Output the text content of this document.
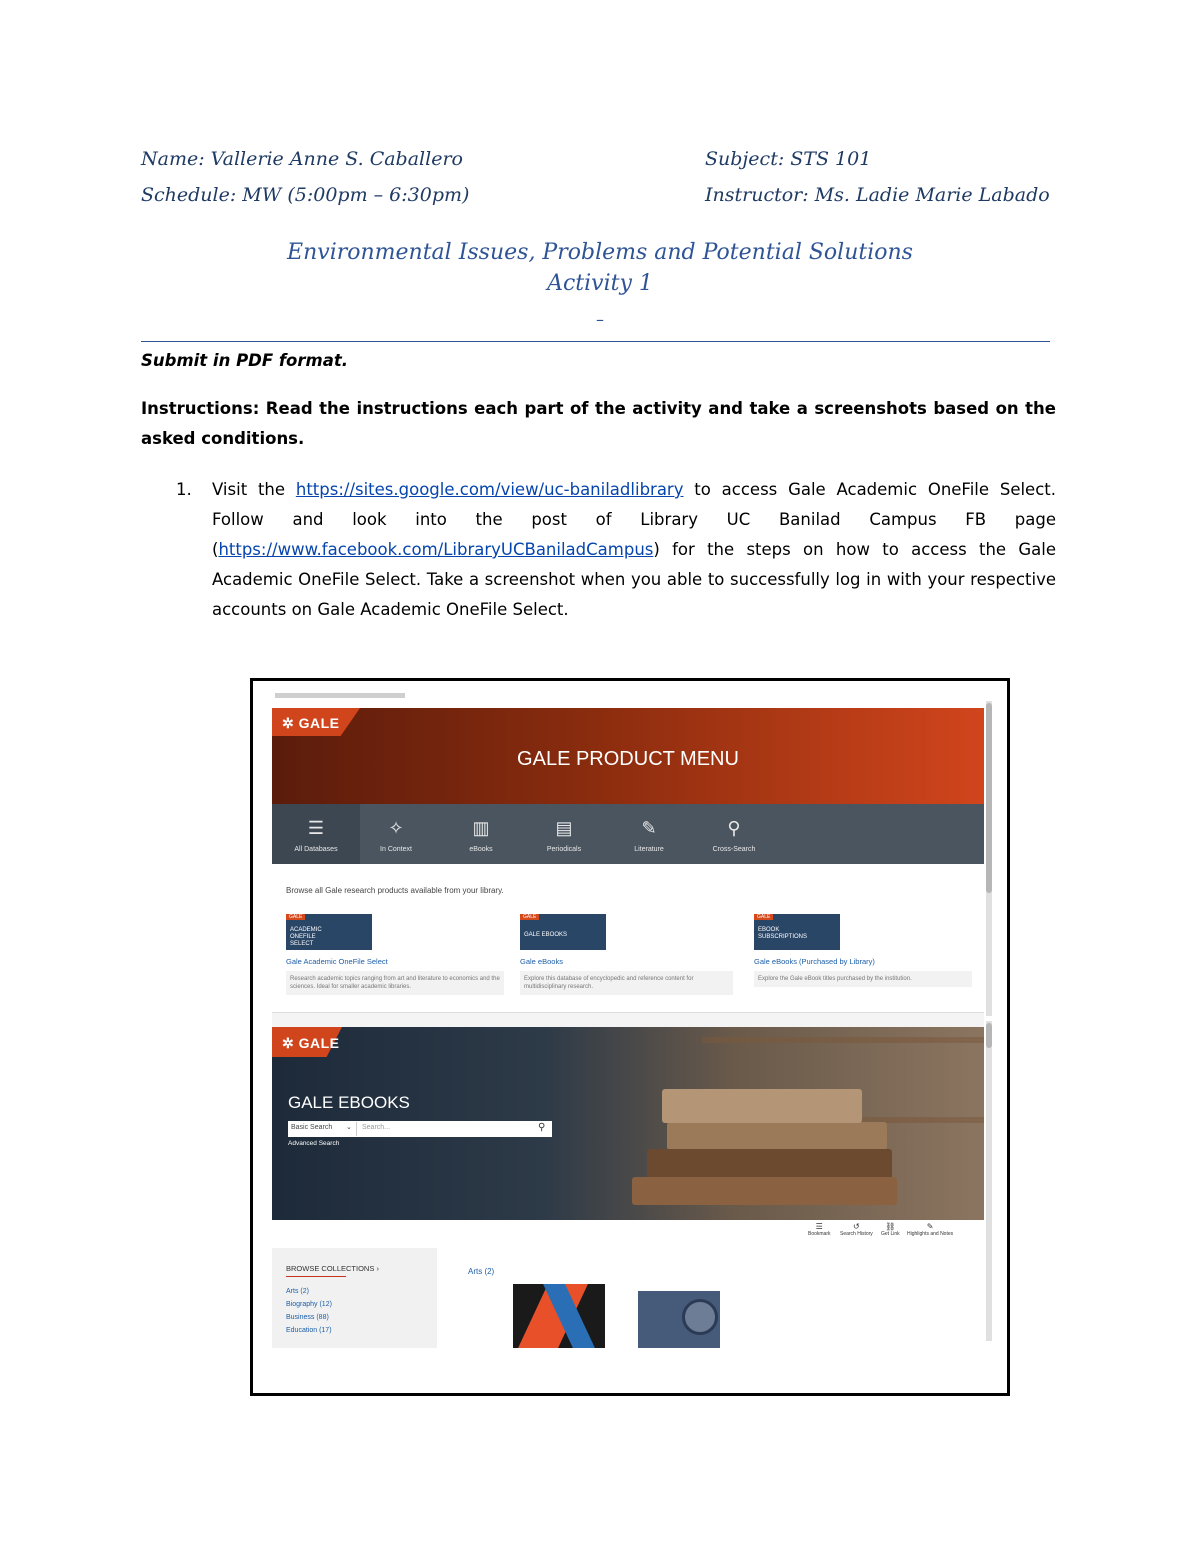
Name: Vallerie Anne S. Caballero	Subject: STS 101
Schedule: MW (5:00pm – 6:30pm)	Instructor: Ms. Ladie Marie Labado
Environmental Issues, Problems and Potential Solutions
Activity 1
–
Submit in PDF format.
Instructions: Read the instructions each part of the activity and take a screenshots based on the asked conditions.
1.	Visit the https://sites.google.com/view/uc-baniladlibrary to access Gale Academic OneFile Select. Follow and look into the post of Library UC Banilad Campus FB page (https://www.facebook.com/LibraryUCBaniladCampus) for the steps on how to access the Gale Academic OneFile Select. Take a screenshot when you able to successfully log in with your respective accounts on Gale Academic OneFile Select.
✲ GALE
GALE PRODUCT MENU
☰
All Databases
✧
In Context
▥
eBooks
▤
Periodicals
✎
Literature
⚲
Cross-Search
Browse all Gale research products available from your library.
GALE
ACADEMIC ONEFILE SELECT
Gale Academic OneFile Select
Research academic topics ranging from art and literature to economics and the sciences. Ideal for smaller academic libraries.
GALE
GALE EBOOKS
Gale eBooks
Explore this database of encyclopedic and reference content for multidisciplinary research.
GALE
EBOOK SUBSCRIPTIONS
Gale eBooks (Purchased by Library)
Explore the Gale eBook titles purchased by the institution.
✲ GALE
GALE EBOOKS
Basic Search ⌄ Search...	⚲
Advanced Search
☰
Bookmark
↺
Search History
⛓
Get Link
✎
Highlights and Notes
BROWSE COLLECTIONS ›
Arts (2)
Biography (12)
Business (88)
Education (17)
Arts (2)
